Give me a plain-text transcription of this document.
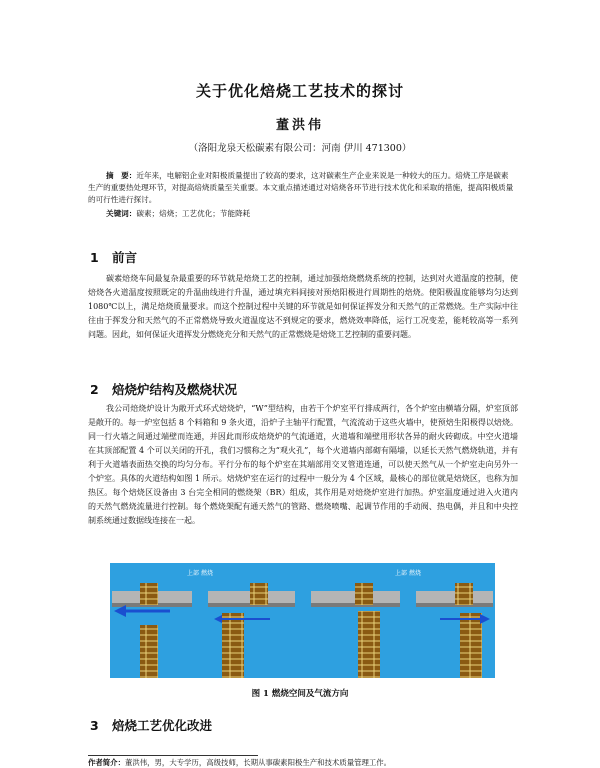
关于优化焙烧工艺技术的探讨
董洪伟
（洛阳龙泉天松碳素有限公司：河南 伊川 471300）
摘　要：近年来，电解铝企业对阳极质量提出了较高的要求，这对碳素生产企业来说是一种较大的压力。焙烧工序是碳素生产的重要热处理环节，对提高焙烧质量至关重要。本文重点描述通过对焙烧各环节进行技术优化和采取的措施，提高阳极质量的可行性进行探讨。
关键词：碳素；焙烧；工艺优化；节能降耗
1 前言
碳素焙烧车间最复杂最重要的环节就是焙烧工艺的控制，通过加强焙烧燃烧系统的控制，达到对火道温度的控制，使焙烧各火道温度按照既定的升温曲线进行升温，通过填充料间接对预焙阳极进行周期性的焙烧。使阳极温度能够均匀达到 1080℃以上，满足焙烧质量要求。而这个控制过程中关键的环节就是如何保证挥发分和天然气的正常燃烧。生产实际中往往由于挥发分和天然气的不正常燃烧导致火道温度达不到规定的要求，燃烧效率降低，运行工况变差，能耗较高等一系列问题。因此，如何保证火道挥发分燃烧充分和天然气的正常燃烧是焙烧工艺控制的重要问题。
2 焙烧炉结构及燃烧状况
我公司焙烧炉设计为敞开式环式焙烧炉，“W”型结构，由若干个炉室平行排成两行，各个炉室由横墙分隔，炉室顶部是敞开的。每一炉室包括 8 个料箱和 9 条火道，沿炉子主轴平行配置，气流流动于这些火墙中，使预焙生阳极得以焙烧。同一行火墙之间通过端壁而连通，并因此而形成焙烧炉的气流通道，火道墙和端壁用形状各异的耐火砖砌成。中空火道墙在其顶部配置 4 个可以关闭的开孔，我们习惯称之为“观火孔”，每个火道墙内部砌有隔墙，以延长天然气燃烧轨道，并有利于火道墙表面热交换的均匀分布。平行分布的每个炉室在其端部用交叉管道连通，可以使天然气从一个炉室走向另外一个炉室。具体的火道结构如图 1 所示。焙烧炉室在运行的过程中一般分为 4 个区域，最核心的部位就是焙烧区，也称为加热区。每个焙烧区设备由 3 台完全相同的燃烧架（BR）组成，其作用是对焙烧炉室进行加热。炉室温度通过进入火道内的天然气燃烧流量进行控制。每个燃烧架配有通天然气的管路、燃烧喷嘴、起调节作用的手动阀、热电偶，并且和中央控制系统通过数据线连接在一起。
上部 燃烧	上部 燃烧
图 1 燃烧空间及气流方向
3 焙烧工艺优化改进
作者简介：董洪伟，男，大专学历，高级技师，长期从事碳素阳极生产和技术质量管理工作。
